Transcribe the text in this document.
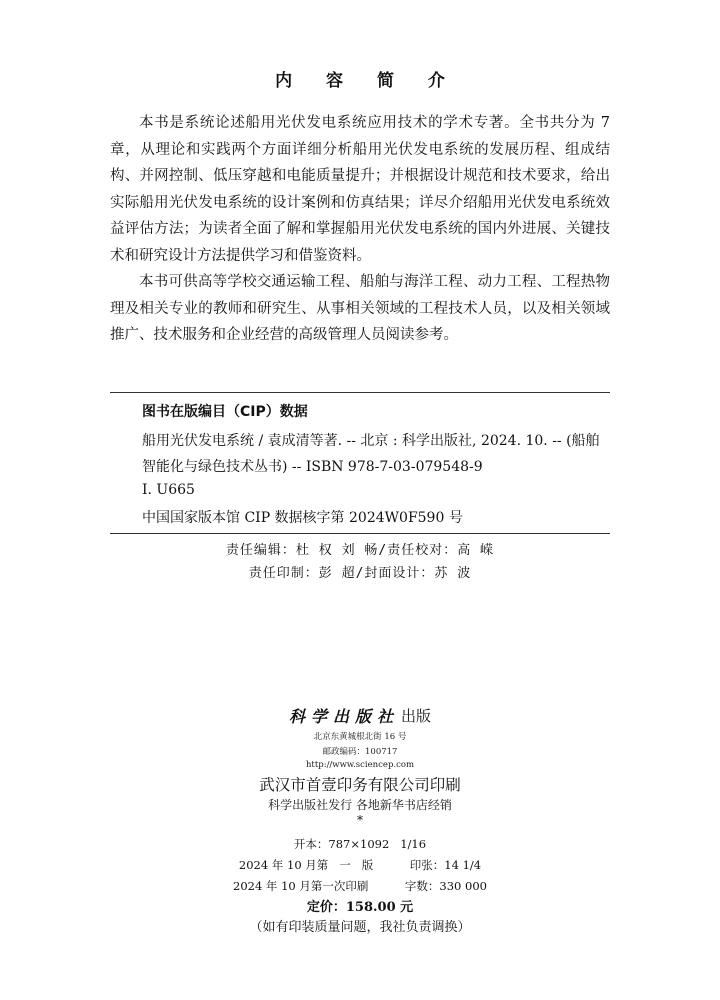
内 容 简 介

本书是系统论述船用光伏发电系统应用技术的学术专著。全书共分为 7 章，从理论和实践两个方面详细分析船用光伏发电系统的发展历程、组成结构、并网控制、低压穿越和电能质量提升；并根据设计规范和技术要求，给出实际船用光伏发电系统的设计案例和仿真结果；详尽介绍船用光伏发电系统效益评估方法；为读者全面了解和掌握船用光伏发电系统的国内外进展、关键技术和研究设计方法提供学习和借鉴资料。

本书可供高等学校交通运输工程、船舶与海洋工程、动力工程、工程热物理及相关专业的教师和研究生、从事相关领域的工程技术人员，以及相关领域推广、技术服务和企业经营的高级管理人员阅读参考。

图书在版编目（CIP）数据
船用光伏发电系统 / 袁成清等著. -- 北京 : 科学出版社, 2024. 10. -- (船舶智能化与绿色技术丛书) -- ISBN 978-7-03-079548-9
I. U665
中国国家版本馆 CIP 数据核字第 2024W0F590 号
责任编辑：杜 权 刘 畅/责任校对：高 嵘
责任印制：彭 超/封面设计：苏 波
科学出版社 出版
北京东黄城根北街 16 号
邮政编码：100717
http://www.sciencep.com
武汉市首壹印务有限公司印刷
科学出版社发行 各地新华书店经销
*
开本：787×1092   1/16
2024 年 10 月第   一   版          印张：14 1/4
2024 年 10 月第一次印刷          字数：330 000
定价：158.00 元
（如有印装质量问题，我社负责调换）
